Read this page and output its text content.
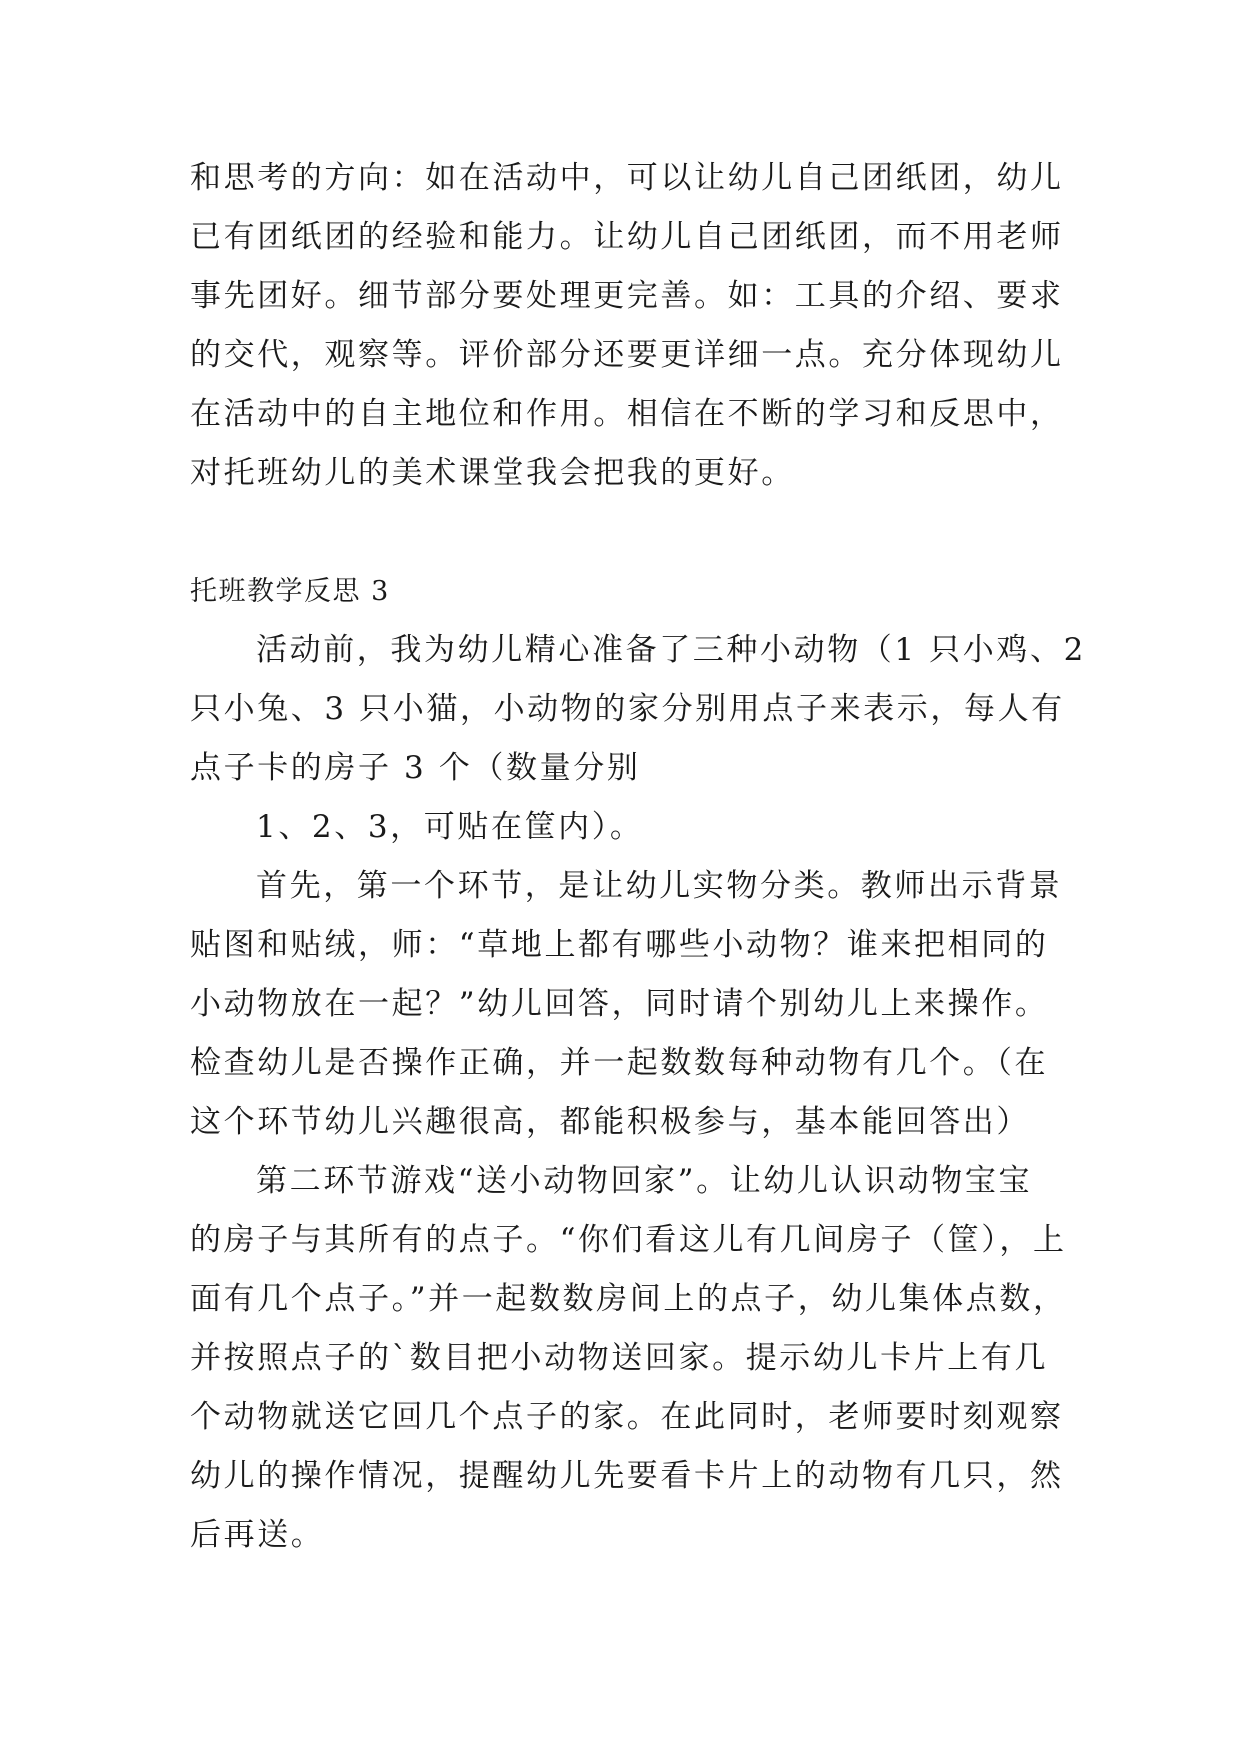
和思考的方向：如在活动中，可以让幼儿自己团纸团，幼儿
已有团纸团的经验和能力。让幼儿自己团纸团，而不用老师
事先团好。细节部分要处理更完善。如：工具的介绍、要求
的交代，观察等。评价部分还要更详细一点。充分体现幼儿
在活动中的自主地位和作用。相信在不断的学习和反思中，
对托班幼儿的美术课堂我会把我的更好。
托班教学反思 3
活动前，我为幼儿精心准备了三种小动物（1 只小鸡、2
只小兔、3 只小猫，小动物的家分别用点子来表示，每人有
点子卡的房子 3 个（数量分别
1、2、3，可贴在筐内）。
首先，第一个环节，是让幼儿实物分类。教师出示背景
贴图和贴绒，师：“草地上都有哪些小动物？谁来把相同的
小动物放在一起？”幼儿回答，同时请个别幼儿上来操作。
检查幼儿是否操作正确，并一起数数每种动物有几个。（在
这个环节幼儿兴趣很高，都能积极参与，基本能回答出）
第二环节游戏“送小动物回家”。让幼儿认识动物宝宝
的房子与其所有的点子。“你们看这儿有几间房子（筐），上
面有几个点子。”并一起数数房间上的点子，幼儿集体点数，
并按照点子的`数目把小动物送回家。提示幼儿卡片上有几
个动物就送它回几个点子的家。在此同时，老师要时刻观察
幼儿的操作情况，提醒幼儿先要看卡片上的动物有几只，然
后再送。
